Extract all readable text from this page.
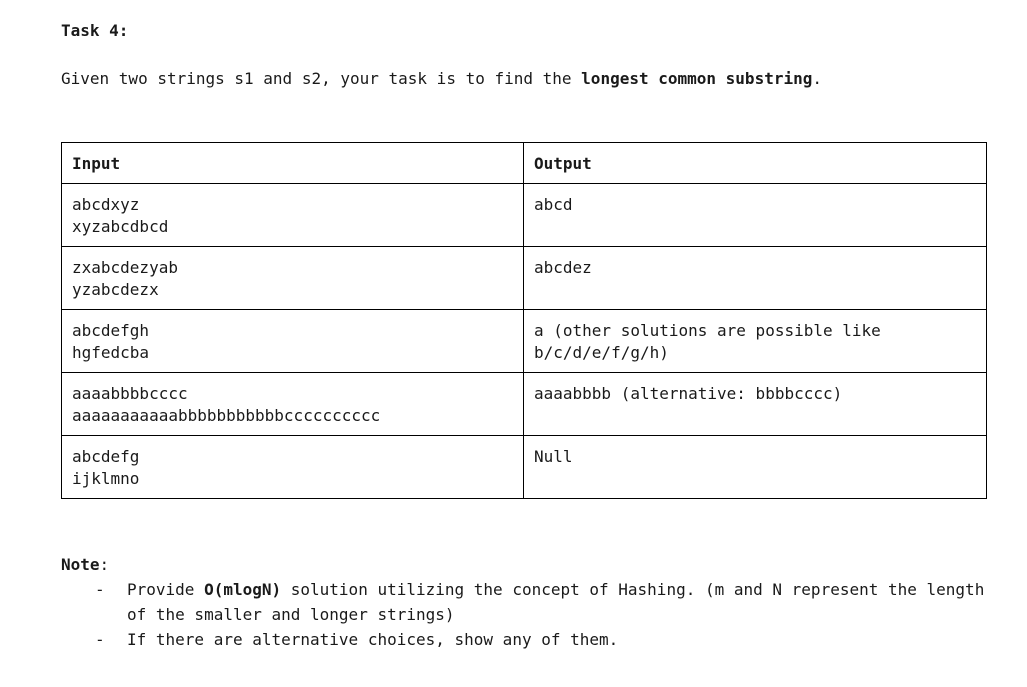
Task 4:
Given two strings s1 and s2, your task is to find the longest common substring.
Input	Output

abcdxyz
xyzabcdbcd	abcd

zxabcdezyab
yzabcdezx	abcdez

abcdefgh
hgfedcba	a (other solutions are possible like
b/c/d/e/f/g/h)

aaaabbbbcccc
aaaaaaaaaaabbbbbbbbbbbcccccccccc	aaaabbbb (alternative: bbbbcccc)

abcdefg
ijklmno	Null
Note:
- Provide O(mlogN) solution utilizing the concept of Hashing. (m and N represent the length of the smaller and longer strings)
- If there are alternative choices, show any of them.
